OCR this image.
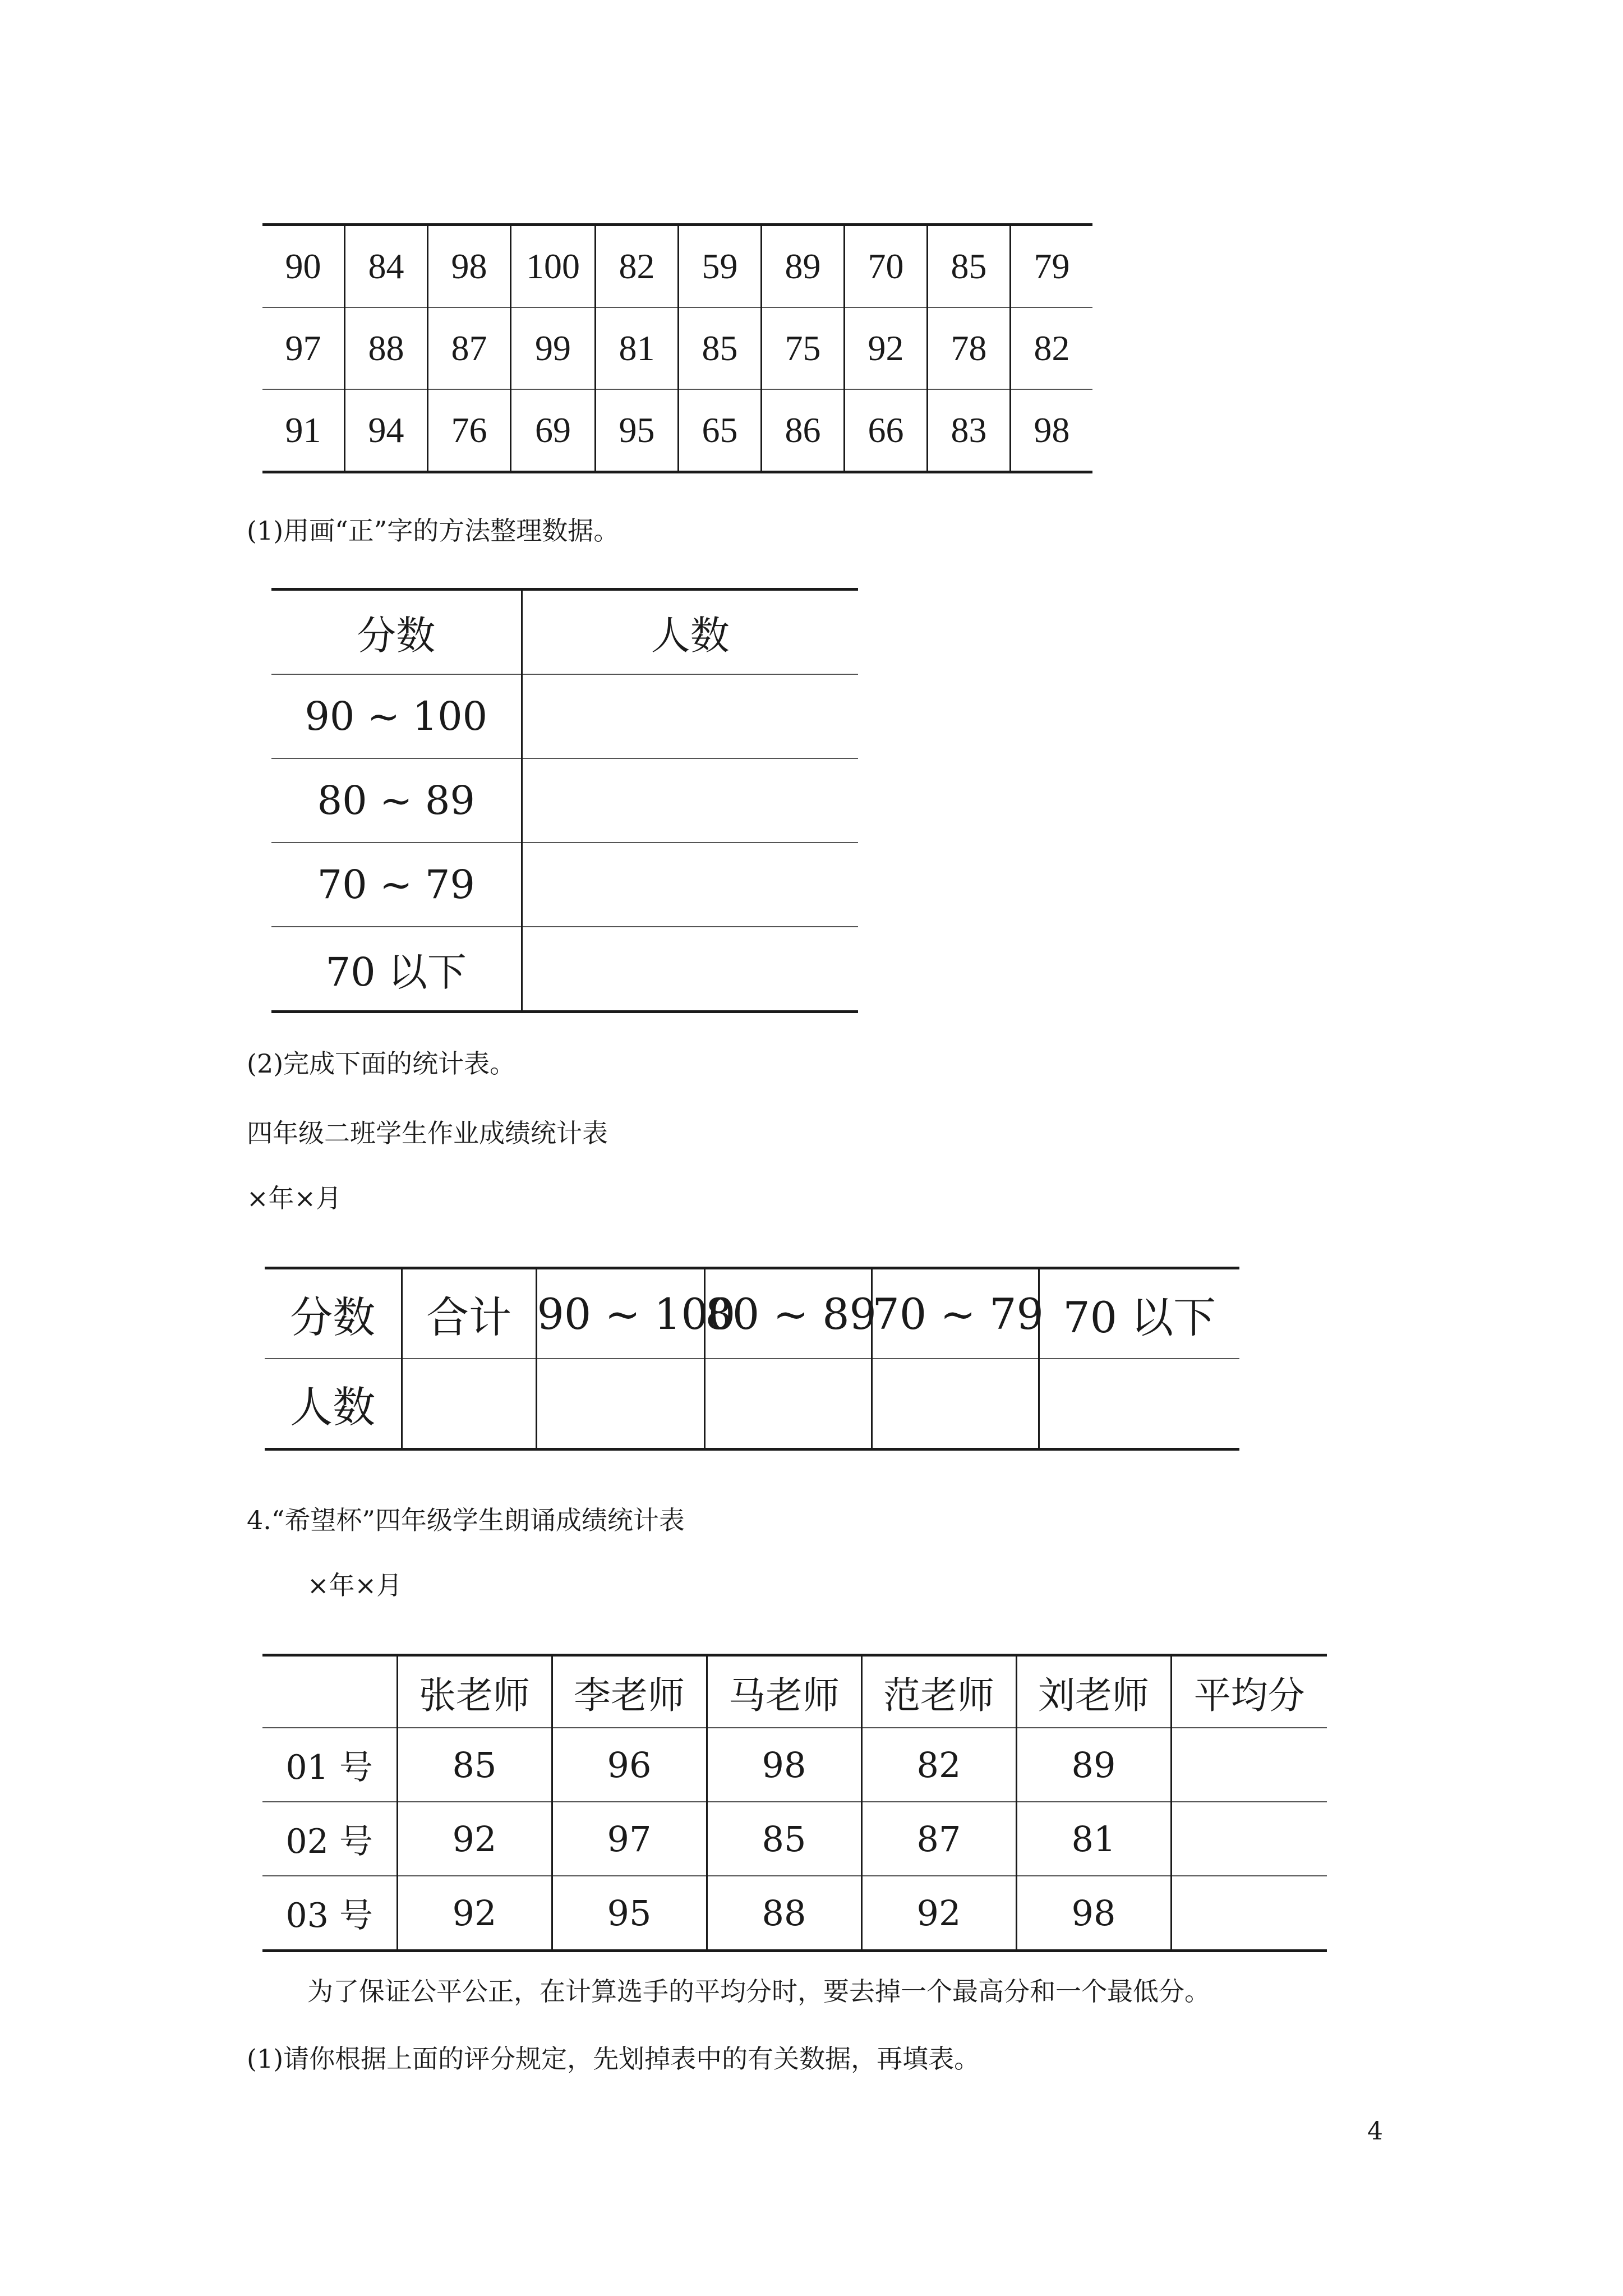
90	84	98	100	82	59	89	70	85	79
97	88	87	99	81	85	75	92	78	82
91	94	76	69	95	65	86	66	83	98
(1)用画“正”字的方法整理数据。
分数	人数
90 ~ 100	
80 ~ 89	
70 ~ 79	
70 以下	
(2)完成下面的统计表。
四年级二班学生作业成绩统计表
×年×月
分数	合计	90 ~ 100	80 ~ 89	70 ~ 79	70 以下
人数					
4.“希望杯”四年级学生朗诵成绩统计表
×年×月
	张老师	李老师	马老师	范老师	刘老师	平均分
01 号	85	96	98	82	89	
02 号	92	97	85	87	81	
03 号	92	95	88	92	98	
为了保证公平公正，在计算选手的平均分时，要去掉一个最高分和一个最低分。
(1)请你根据上面的评分规定，先划掉表中的有关数据，再填表。
4
